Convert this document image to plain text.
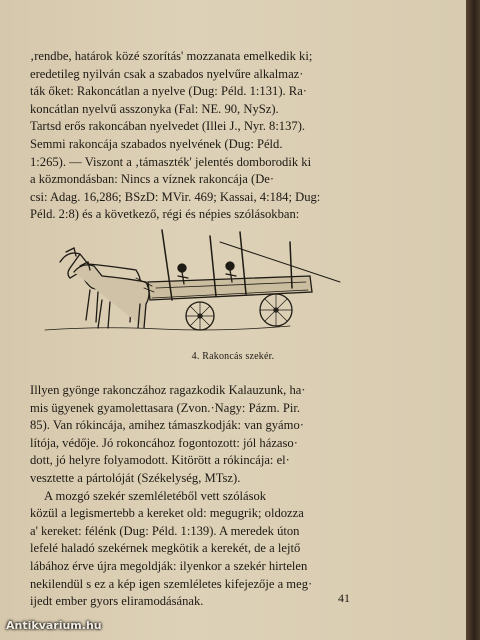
‚rendbe, határok közé szorítás' mozzanata emelkedik ki;
eredetileg nyilván csak a szabados nyelvűre alkalmaz·
ták őket: Rakoncátlan a nyelve (Dug: Péld. 1:131). Ra·
koncátlan nyelvű asszonyka (Fal: NE. 90, NySz).
Tartsd erős rakoncában nyelvedet (Illei J., Nyr. 8:137).
Semmi rakoncája szabados nyelvének (Dug: Péld.
1:265). — Viszont a ‚támaszték' jelentés domborodik ki
a közmondásban: Nincs a víznek rakoncája (De·
csi: Adag. 16,286; BSzD: MVir. 469; Kassai, 4:184; Dug:
Péld. 2:8) és a következő, régi és népies szólásokban:

4. Rakoncás szekér.

Illyen gyönge rakonczához ragazkodik Kalauzunk, ha·
mis ügyenek gyamolettasara (Zvon.·Nagy: Pázm. Pir.
85). Van rókincája, amihez támaszkodják: van gyámo·
lítója, védője. Jó rokoncához fogontozott: jól házaso·
dott, jó helyre folyamodott. Kitörött a rókincája: el·
vesztette a pártolóját (Székelység, MTsz).
A mozgó szekér szemléletéből vett szólások
közül a legismertebb a kereket old: megugrik; oldozza
a' kereket: félénk (Dug: Péld. 1:139). A meredek úton
lefelé haladó szekérnek megkötik a kerekét, de a lejtő
lábához érve újra megoldják: ilyenkor a szekér hirtelen
nekilendül s ez a kép igen szemléletes kifejezője a meg·
ijedt ember gyors eliramodásának.	41
Antikvarium.hu
